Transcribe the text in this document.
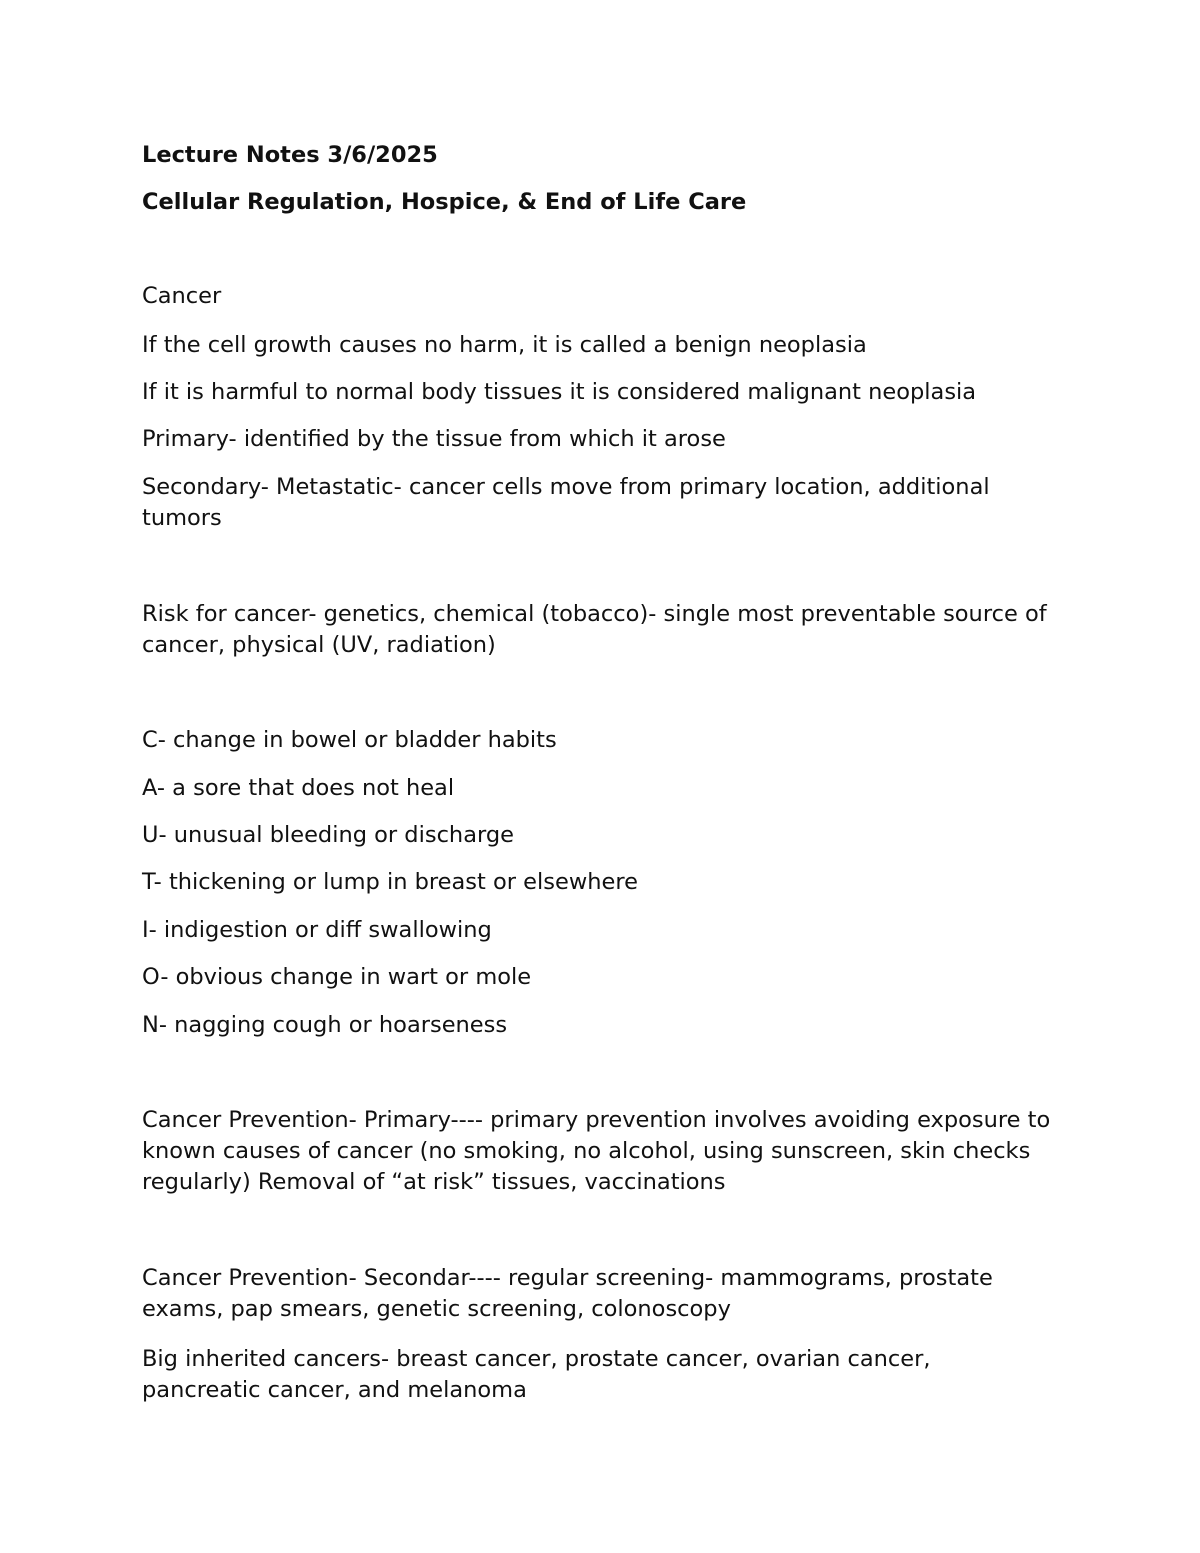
Lecture Notes 3/6/2025

Cellular Regulation, Hospice, & End of Life Care

Cancer

If the cell growth causes no harm, it is called a benign neoplasia

If it is harmful to normal body tissues it is considered malignant neoplasia

Primary- identified by the tissue from which it arose

Secondary- Metastatic- cancer cells move from primary location, additional tumors

Risk for cancer- genetics, chemical (tobacco)- single most preventable source of cancer, physical (UV, radiation)

C- change in bowel or bladder habits

A- a sore that does not heal

U- unusual bleeding or discharge

T- thickening or lump in breast or elsewhere

I- indigestion or diff swallowing

O- obvious change in wart or mole

N- nagging cough or hoarseness

Cancer Prevention- Primary---- primary prevention involves avoiding exposure to known causes of cancer (no smoking, no alcohol, using sunscreen, skin checks regularly) Removal of “at risk” tissues, vaccinations

Cancer Prevention- Secondar---- regular screening- mammograms, prostate exams, pap smears, genetic screening, colonoscopy

Big inherited cancers- breast cancer, prostate cancer, ovarian cancer, pancreatic cancer, and melanoma
